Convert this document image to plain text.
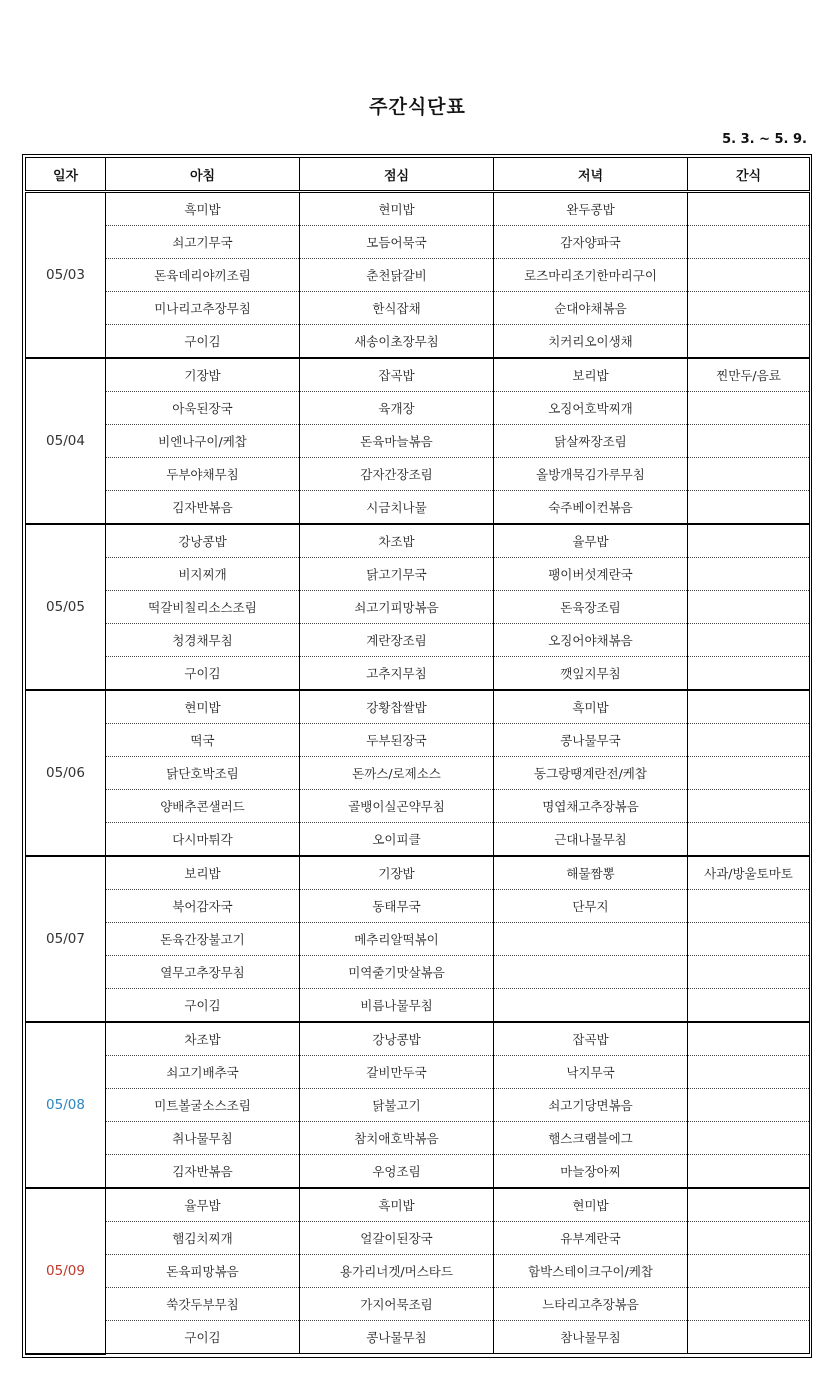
주간식단표
5. 3. ~ 5. 9.
일자	아침	점심	저녁	간식
05/03	흑미밥	현미밥	완두콩밥	
	쇠고기무국	모듬어묵국	감자양파국	
	돈육데리야끼조림	춘천닭갈비	로즈마리조기한마리구이	
	미나리고추장무침	한식잡채	순대야채볶음	
	구이김	새송이초장무침	치커리오이생채	
05/04	기장밥	잡곡밥	보리밥	찐만두/음료
	아욱된장국	육개장	오징어호박찌개	
	비엔나구이/케찹	돈육마늘볶음	닭살짜장조림	
	두부야채무침	감자간장조림	올방개묵김가루무침	
	김자반볶음	시금치나물	숙주베이컨볶음	
05/05	강낭콩밥	차조밥	율무밥	
	비지찌개	닭고기무국	팽이버섯계란국	
	떡갈비칠리소스조림	쇠고기피망볶음	돈육장조림	
	청경채무침	계란장조림	오징어야채볶음	
	구이김	고추지무침	깻잎지무침	
05/06	현미밥	강황찹쌀밥	흑미밥	
	떡국	두부된장국	콩나물무국	
	닭단호박조림	돈까스/로제소스	동그랑땡계란전/케찹	
	양배추콘샐러드	골뱅이실곤약무침	명엽채고추장볶음	
	다시마튀각	오이피클	근대나물무침	
05/07	보리밥	기장밥	해물짬뽕	사과/방울토마토
	북어감자국	동태무국	단무지	
	돈육간장불고기	메추리알떡볶이		
	열무고추장무침	미역줄기맛살볶음		
	구이김	비름나물무침		
05/08	차조밥	강낭콩밥	잡곡밥	
	쇠고기배추국	갈비만두국	낙지무국	
	미트볼굴소스조림	닭불고기	쇠고기당면볶음	
	취나물무침	참치애호박볶음	햄스크램블에그	
	김자반볶음	우엉조림	마늘장아찌	
05/09	율무밥	흑미밥	현미밥	
	햄김치찌개	얼갈이된장국	유부계란국	
	돈육피망볶음	용가리너겟/머스타드	함박스테이크구이/케찹	
	쑥갓두부무침	가지어묵조림	느타리고추장볶음	
	구이김	콩나물무침	참나물무침	
